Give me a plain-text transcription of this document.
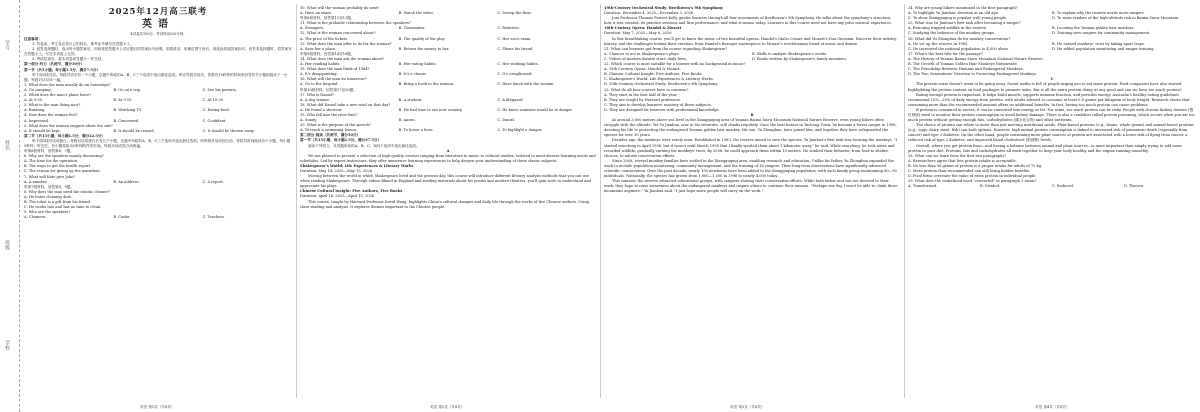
学号
姓名
班级
学校
2025年12月高三联考
英语
本试卷共150分，考试时间120分钟。

注意事项：

1. 答卷前，考生务必将自己的姓名、准考证号填写在答题卡上。

2. 回答选择题时，选出每小题答案后，用铅笔把答题卡上对应题目的答案标号涂黑。如需改动，用橡皮擦干净后，再选涂其他答案标号。回答非选择题时，将答案写在答题卡上，写在本试卷上无效。

3. 考试结束后，将本试卷和答题卡一并交回。

第一部分 听力（共两节，满分30分）

第一节（共5小题；每小题1.5分，满分7.5分）

听下面5段对话。每段对话后有一个小题，从题中所给的A、B、C三个选项中选出最佳选项。听完每段对话后，你都有10秒钟的时间来回答有关小题和阅读下一小题。每段对话仅读一遍。

1. What does the man usually do on Saturdays?

A. Go camping.	B. Go on a trip.	C. See his parents.

2. When does the man's plane leave?

A. At 9:00.	B. At 9:15.	C. At 10:30.

3. What is the man doing now?

A. Running.	B. Watching TV.	C. Eating food.

4. How does the woman feel?

A. Impressed.	B. Concerned.	C. Confident.

5. What does the woman suggest about the suit?

A. It should be kept.	B. It should be reused.	C. It should be thrown away.

第二节（共15小题；每小题1.5分，满分22.5分）

听下面5段对话或独白。每段对话或独白后有几个小题，从题中所给的A、B、C三个选项中选出最佳选项。听每段对话或独白前，你将有时间阅读各个小题，每小题5秒钟；听完后，各小题将给出5秒钟的作答时间。每段对话或独白读两遍。

听第6段材料，回答第6、7题。

6. Why are the speakers mainly discussing?

A. The time for the operation.

B. The ways to get the health report.

C. The reason for giving up the marathon.

7. What will Kate give John?

A. A number.	B. An address.	C. A report.

听第7段材料，回答第8、9题。

8. Why does the man need the robotic cleaner?

A. He hates cleaning dust.

B. The robot is a gift from his friend.

C. He works late and has no time to clean.

9. Who are the speakers?

A. Cleaners.	B. Cooks.	C. Teachers.

10. What will the woman probably do next?

A. Have an exam.	B. Watch the video.	C. Sweep the floor.

听第8段材料，回答第11至13题。

11. What is the probable relationship between the speakers?

A. Strangers.	B. Classmates.	C. Relatives.

12. What is the woman concerned about?

A. The price of the tickets.	B. The quality of the play.	C. Her son's exam.

13. What does the man offer to do for the woman?

A. Save her a place.	B. Return the money to her.	C. Phone his friend.

听第9段材料，回答第14至16题。

14. What does the man ask the woman about?

A. Her reading habits.	B. Her eating habits.	C. Her working habits.

15. What does the man think of 1984?

A. It's disappointing.	B. It's a classic.	C. It's complicated.

16. What will the man do tomorrow?

A. Go to the hospital.	B. Bring a book to the woman.	C. Have lunch with the woman.

听第10段材料，回答第17至20题。

17. Who is Daniel?

A. A dog trainer.	B. A student.	C. A lifeguard.

18. What did Daniel take a new road on that day?

A. He found a shortcut.	B. He had time to see new scenery.	C. He knew someone would be in danger.

19. Who fell into the river first?

A. Sunny.	B. Aaron.	C. Daniel.

20. What is the purpose of the speech?

A. To teach a swimming lesson.	B. To honor a hero.	C. To highlight a danger.

第二部分 阅读（共两节，满分50分）

第一节（共15小题；每小题2.5分，满分37.5分）

阅读下列短文，从每题所给的A、B、C、D四个选项中选出最佳选项。

A

We are pleased to present a selection of high-quality courses ranging from literature to music to cultural studies, tailored to meet diverse learning needs and schedules. Led by expert instructors, they offer immersive learning experiences to help deepen your understanding of these classic subjects.

Shakespeare's World: Life Experiences & Literary Works

Duration: May 14, 2025—May 15, 2026

Moving between the world in which Shakespeare lived and the present day, this course will introduce different literary analysis methods that you can use when reading Shakespeare. Through videos filmed in England and reading materials about his poems and modern theatres, you'll gain tools to understand and appreciate his plays.

Chinese Cultural Insight: Five Authors, Five Books

Duration: April 16, 2025—April 15, 2026

This course, taught by Harvard Professor David Wang, highlights China's cultural changes and daily life through the works of five Chinese authors. Using close reading and analysis, it explores themes important to the Chinese people.

19th-Century Orchestral Study: Beethoven's 9th Symphony

Duration: December 4, 2025—December 3, 2026

Join Professor Thomas Forrest Kelly guides learners through all four movements of Beethoven's 9th Symphony. He talks about the symphony's structure, how it was created, its practice sessions and first performance, and what it means today. Learners in this course need not have any prior musical experience.

18th-Century Opera: Handel & Mozart

Duration: May 7, 2025—May 6, 2026

In this breathtaking course, you'll get to know the music of two beautiful operas, Handel's Giulio Cesare and Mozart's Don Giovanni. Discover their artistry, history, and the challenges behind their creation, from Handel's Baroque masterpiece to Mozart's revolutionary blend of music and drama.

21. What can learners get from the course regarding Shakespeare?

A. Chances to act in Shakespeare's plays.	B. Skills to analyze Shakespeare's works.
C. Videos of modern theatre stars' daily lives.	D. Books written by Shakespeare's family members.

22. Which course is most suitable for a learner with no background in music?

A. 18th-Century Opera: Handel & Mozart.

B. Chinese Cultural Insight: Five Authors, Five Books.

C. Shakespeare's World: Life Experiences & Literary Works.

D. 19th-Century Orchestral Study: Beethoven's 9th Symphony.

23. What do all four courses have in common?

A. They start in the first half of the year.

B. They are taught by Harvard professors.

C. They aim to develop learners' mastery of these subjects.

D. They are designed for learners with professional knowledge.

B

At around 3,000 meters above sea level in the Xiangguqing area of Yunnan Baima Snow Mountain National Nature Reserve, even young hikers often struggle with the altitude. Yet Yu Jianhua, now in his seventies, still climbs regularly. Once the best hunter in Tacheng Town, he became a forest ranger in 1998, devoting his life to protecting the endangered Yunnan golden hair monkey. His son, Yu Zhonghua, later joined him, and together they have safeguarded the species for over 30 years.

Decades ago, the monkeys were rarely seen. Established in 1983, the reserve aimed to save the species. Yu Jianhua's first task was locating the monkeys. "I started searching in April 1998, but it wasn't until March 1998 that I finally spotted them about 1 kilometer away," he said. While searching, he took notes and recorded wildlife, gradually earning the monkeys' trust. By 2008, he could approach them within 10 meters. He studied their behavior, from food to shelter choices, to inform conservation efforts.

Since 2008, several monkey families have settled in the Xiangguqing area, enabling research and education. Unlike his father, Yu Zhonghua expanded the work to include population monitoring, community management, and the training of 16 rangers. Their long-term observations have significantly advanced scientific conservation. Over the past decade, nearly 150 newborns have been added to the Xiangguqing population, with each family group maintaining 80—90 individuals. Nationally, the species has grown from 1,000—1,500 in 1996 to nearly 4,000 today.

This summer, the reserve attracted educational groups, with campers sharing their conservation efforts. While both father and son are devoted to their work, they hope to raise awareness about the endangered monkeys and inspire others to continue their mission. "Perhaps one day I won't be able to climb these mountains anymore," Yu Jianhua said. "I just hope more people will carry on the work."

24. Why are young hikers mentioned in the first paragraph?

A. To highlight Yu Jianhua' devotion at an old age.	B. To explain why the reserve needs more rangers.
C. To show Xiangguqing is popular with young people.	D. To warn readers of the high-altitude risk in Baima Snow Mountain.

25. What was Yu Jianhua's first task after becoming a ranger?

A. Rescuing trapped wildlife in the reserve.	B. Locating the Yunnan golden hair monkeys.
C. Studying the behavior of the monkey groups.	D. Training new rangers for community management.

26. What did Yu Zhonghua do for monkey conservation?

A. He set up the reserve in 1983.	B. He earned monkeys' trust by taking apart traps.
C. He increased the national population to 4,000 alone.	D. He added population monitoring and ranger training.

27. What's the best title for the passage?

A. The History of Yunnan Baima Snow Mountain National Nature Reserve.

B. The Growth of Yunnan Golden Hair Monkeys Nationwide.

C. The Friendship Between Humans and Endangered Monkeys.

D. The Two Generations' Devotion to Protecting Endangered Monkeys.

C

The protein craze doesn't seem to be going away. Social media is full of people urging you to eat more protein. Food companies have also started highlighting the protein content on food packages to promote sales. But is all the extra protein doing us any good and can we have too much protein?

Eating enough protein is important. It helps build muscle, supports immune function, and provides energy. Australia's healthy eating guidelines recommend 15%—25% of daily energy from protein, with adults advised to consume at least 0.8 grams per kilogram of body weight. Research shows that consuming more than the recommended amount offers no additional benefits. In fact, having too much protein can cause problems.

If protein is consumed in excess, it can be converted into energy or fat. For some, too much protein can be risky. People with chronic kidney disease (慢性肾病) need to monitor their protein consumption to avoid kidney damage. There is also a condition called protein poisoning, which occurs when you eat too much protein without getting enough fats, carbohydrates (碳水化合物) and other nutrients.

The choice of protein can relate to more than just meeting nutritional needs. Plant-based proteins (e.g., beans, whole grains) and animal-based proteins (e.g., eggs, dairy, meat, fish) can both options. However, high animal protein consumption is linked to increased risk of premature death (especially from cancer) and type 2 diabetes. On the other hand, people consuming more plant sources of protein are associated with a lower risk of dying from cancer, a reduced risk of type 2 diabetes, and improved blood cholesterol (胆固醇) levels.

Overall, where you get protein from—and having a balance between animal and plant sources—is more important than simply trying to add more protein to your diet. Proteins, fats and carbohydrates all work together to keep your body healthy and the engine running smoothly.

28. What can we learn from the first two paragraphs?

A. Researchers agree that less protein intake is acceptable.

B. No less than 96 grams of protein is a proper intake for adults of 70 kg.

C. More protein than recommended can still bring hidden benefits.

D. Food firms overstate the value of extra protein in individual people.

29. What does the underlined word "converted" in paragraph 3 mean?

A. Transformed.	B. Divided.	C. Reduced.	D. Thrown.
英语 第1页（共8页）	英语 第2页（共8页）	英语 第3页（共8页）	英语 第4页（共8页）
